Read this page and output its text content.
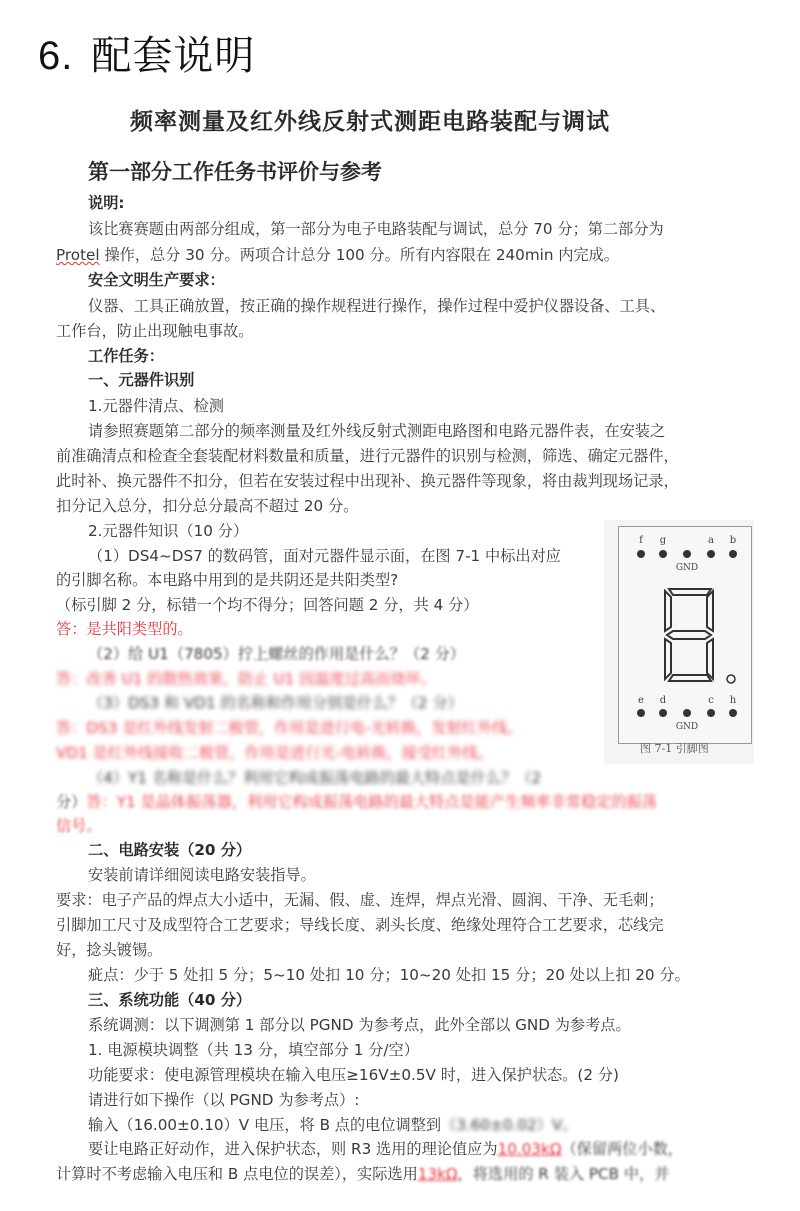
6. 配套说明
频率测量及红外线反射式测距电路装配与调试
第一部分工作任务书评价与参考
说明:
该比赛赛题由两部分组成，第一部分为电子电路装配与调试，总分 70 分；第二部分为
Protel 操作，总分 30 分。两项合计总分 100 分。所有内容限在 240min 内完成。
安全文明生产要求：
仪器、工具正确放置，按正确的操作规程进行操作，操作过程中爱护仪器设备、工具、
工作台，防止出现触电事故。
工作任务：
一、元器件识别
1.元器件清点、检测
请参照赛题第二部分的频率测量及红外线反射式测距电路图和电路元器件表，在安装之
前准确清点和检查全套装配材料数量和质量，进行元器件的识别与检测，筛选、确定元器件，
此时补、换元器件不扣分，但若在安装过程中出现补、换元器件等现象，将由裁判现场记录，
扣分记入总分，扣分总分最高不超过 20 分。
2.元器件知识（10 分）
（1）DS4~DS7 的数码管，面对元器件显示面，在图 7-1 中标出对应
的引脚名称。本电路中用到的是共阴还是共阳类型?
（标引脚 2 分，标错一个均不得分；回答问题 2 分，共 4 分）
答：是共阳类型的。
（2）给 U1（7805）拧上螺丝的作用是什么？（2 分）
答：改善 U1 的散热效果，防止 U1 因温度过高而烧坏。
（3）DS3 和 VD1 的名称和作用分别是什么？（2 分）
答：DS3 是红外线发射二极管，作用是进行电-光转换，发射红外线。
VD1 是红外线接收二极管，作用是进行光-电转换，接受红外线。
（4）Y1 名称是什么？利用它构成振荡电路的最大特点是什么？（2
分）答：Y1 是晶体振荡器，利用它构成振荡电路的最大特点是能产生频率非常稳定的振荡
信号。
二、电路安装（20 分）
安装前请详细阅读电路安装指导。
要求：电子产品的焊点大小适中，无漏、假、虚、连焊，焊点光滑、圆润、干净、无毛刺；
引脚加工尺寸及成型符合工艺要求；导线长度、剥头长度、绝缘处理符合工艺要求，芯线完
好，捻头镀锡。
疵点：少于 5 处扣 5 分；5~10 处扣 10 分；10~20 处扣 15 分；20 处以上扣 20 分。
三、系统功能（40 分）
系统调测：以下调测第 1 部分以 PGND 为参考点，此外全部以 GND 为参考点。
1. 电源模块调整（共 13 分，填空部分 1 分/空）
功能要求：使电源管理模块在输入电压≥16V±0.5V 时，进入保护状态。(2 分)
请进行如下操作（以 PGND 为参考点）:
输入（16.00±0.10）V 电压，将 B 点的电位调整到（3.60±0.02）V。
要让电路正好动作，进入保护状态，则 R3 选用的理论值应为10.03kΩ（保留两位小数，
计算时不考虑输入电压和 B 点电位的误差），实际选用13kΩ，将选用的 R 装入 PCB 中，并
f g	a b
GND
e d	c h
GND
图 7-1 引脚图
